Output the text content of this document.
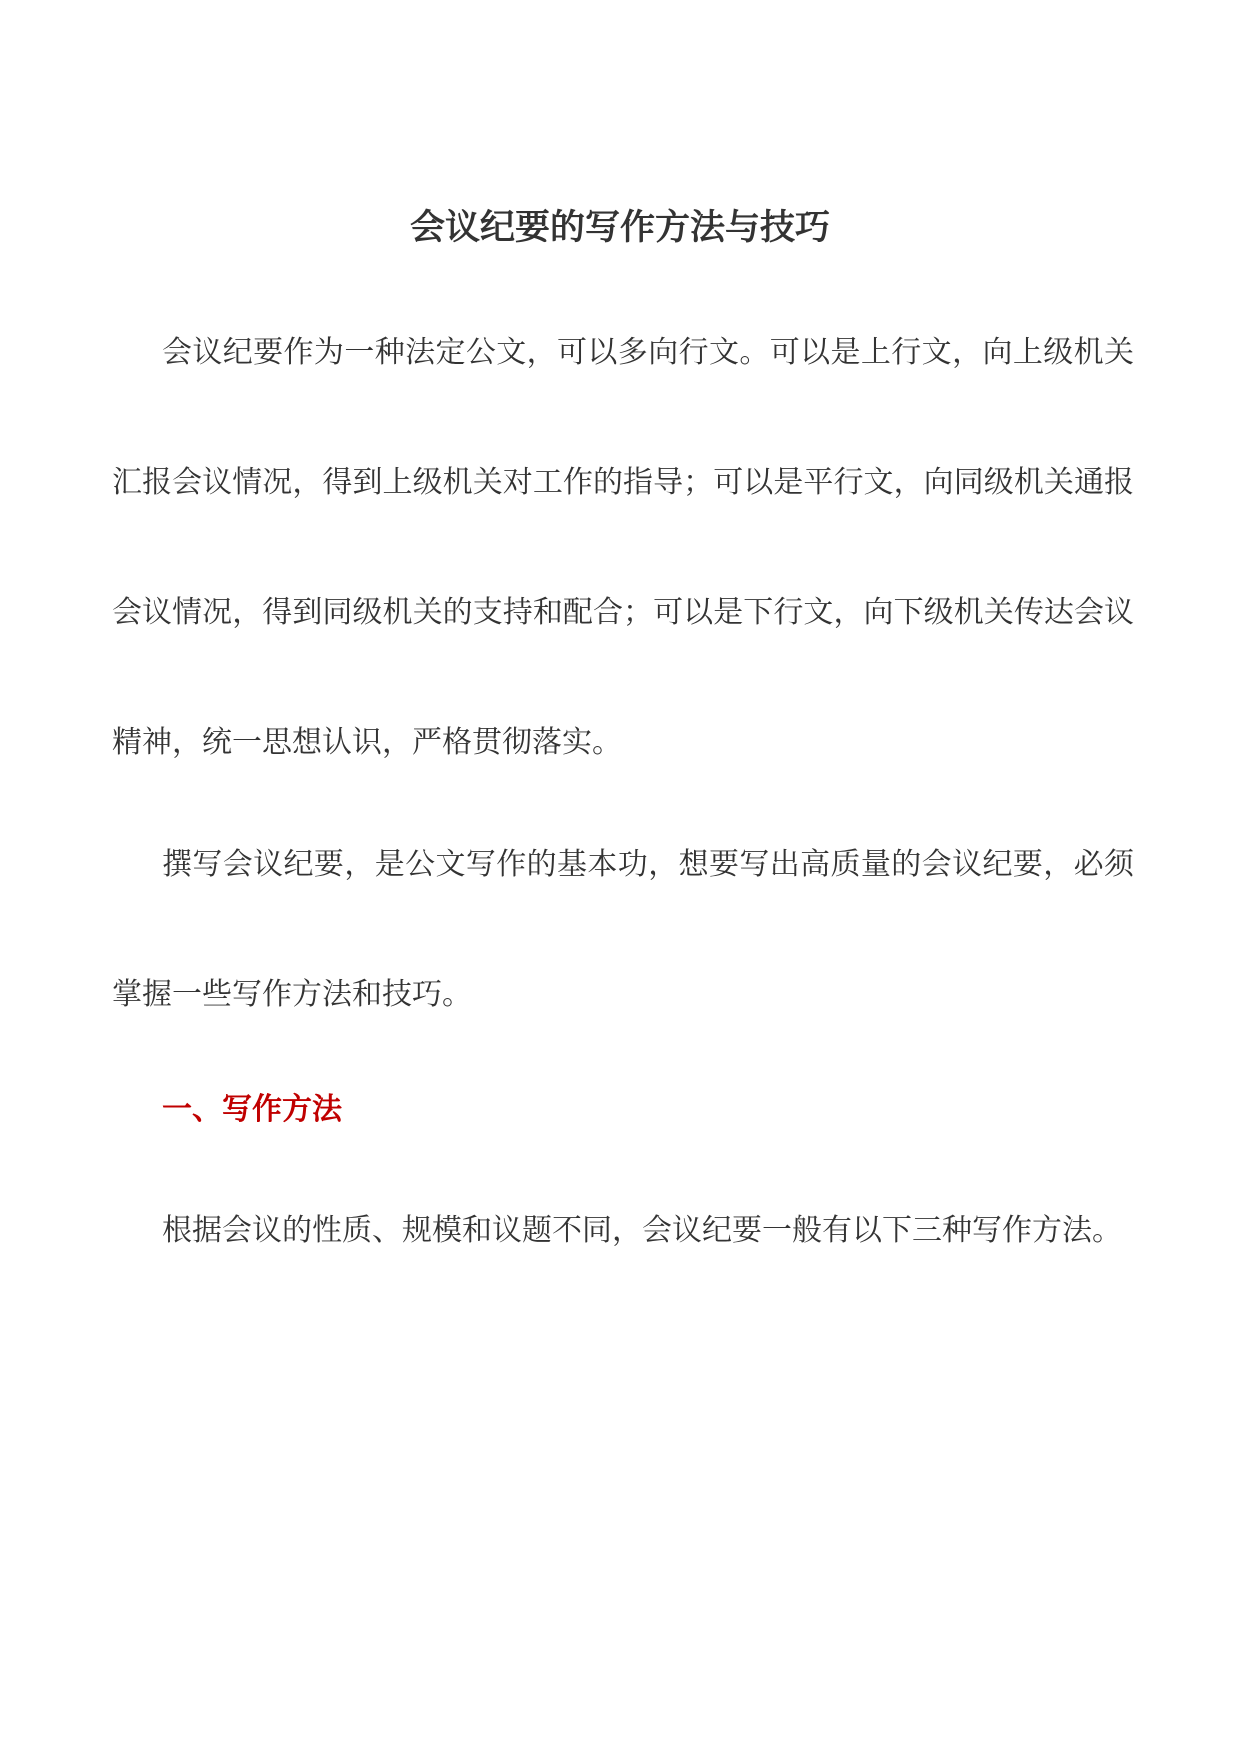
会议纪要的写作方法与技巧

会议纪要作为一种法定公文，可以多向行文。可以是上行文，向上级机关汇报会议情况，得到上级机关对工作的指导；可以是平行文，向同级机关通报会议情况，得到同级机关的支持和配合；可以是下行文，向下级机关传达会议精神，统一思想认识，严格贯彻落实。

撰写会议纪要，是公文写作的基本功，想要写出高质量的会议纪要，必须掌握一些写作方法和技巧。

一、写作方法

根据会议的性质、规模和议题不同，会议纪要一般有以下三种写作方法。
